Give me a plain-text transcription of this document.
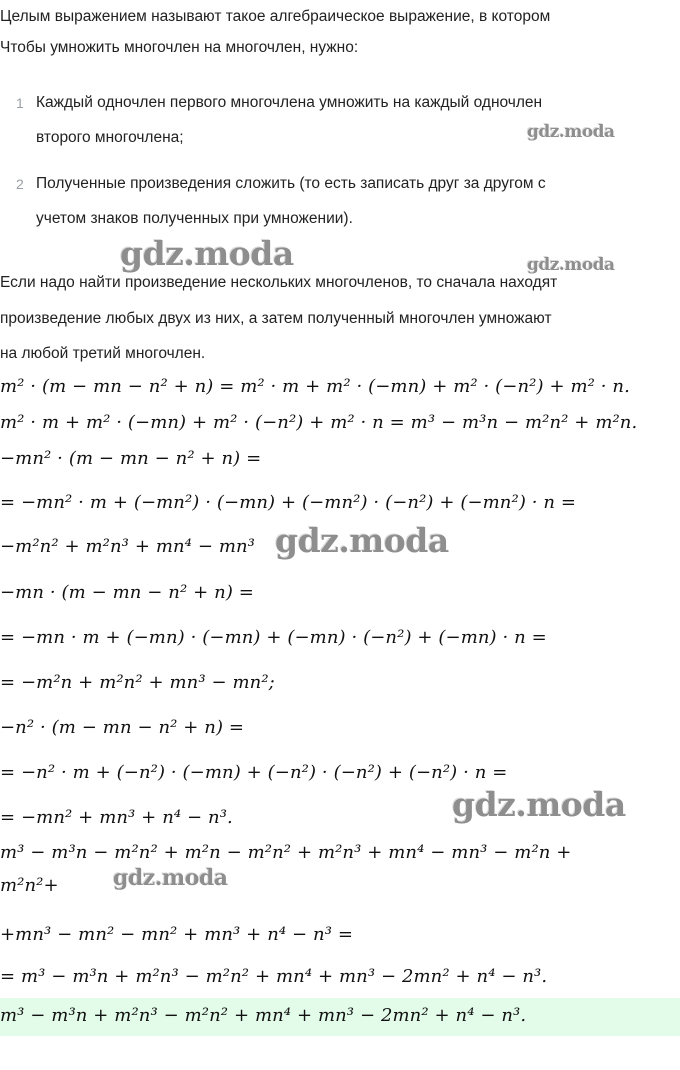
Целым выражением называют такое алгебраическое выражение, в котором
Чтобы умножить многочлен на многочлен, нужно:
1 Каждый одночлен первого многочлена умножить на каждый одночлен
второго многочлена;
2 Полученные произведения сложить (то есть записать друг за другом с
учетом знаков полученных при умножении).
Если надо найти произведение нескольких многочленов, то сначала находят
произведение любых двух из них, а затем полученный многочлен умножают
на любой третий многочлен.
m² · (m − mn − n² + n) = m² · m + m² · (−mn) + m² · (−n²) + m² · n.
m² · m + m² · (−mn) + m² · (−n²) + m² · n = m³ − m³n − m²n² + m²n.
−mn² · (m − mn − n² + n) =
= −mn² · m + (−mn²) · (−mn) + (−mn²) · (−n²) + (−mn²) · n =
−m²n² + m²n³ + mn⁴ − mn³
−mn · (m − mn − n² + n) =
= −mn · m + (−mn) · (−mn) + (−mn) · (−n²) + (−mn) · n =
= −m²n + m²n² + mn³ − mn²;
−n² · (m − mn − n² + n) =
= −n² · m + (−n²) · (−mn) + (−n²) · (−n²) + (−n²) · n =
= −mn² + mn³ + n⁴ − n³.
m³ − m³n − m²n² + m²n − m²n² + m²n³ + mn⁴ − mn³ − m²n +
m²n²+
+mn³ − mn² − mn² + mn³ + n⁴ − n³ =
= m³ − m³n + m²n³ − m²n² + mn⁴ + mn³ − 2mn² + n⁴ − n³.
m³ − m³n + m²n³ − m²n² + mn⁴ + mn³ − 2mn² + n⁴ − n³.
gdz.moda
gdz.moda	gdz.moda
gdz.moda
gdz.moda
gdz.moda
